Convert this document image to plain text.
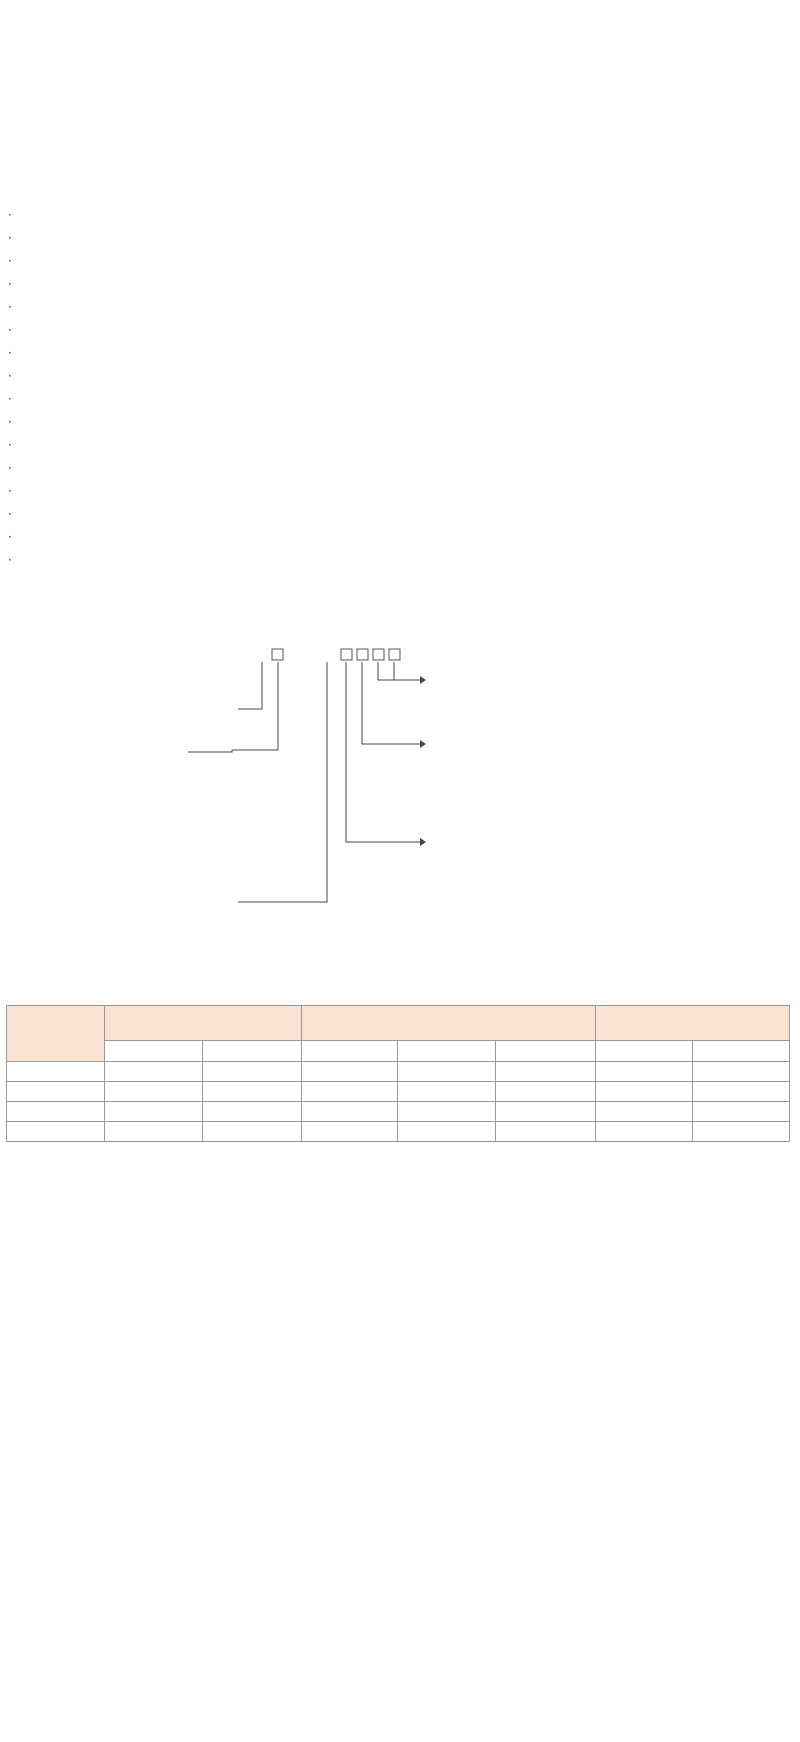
·
·
·
·
·
·
·
·
·
·
·
·
·
·
·
·
